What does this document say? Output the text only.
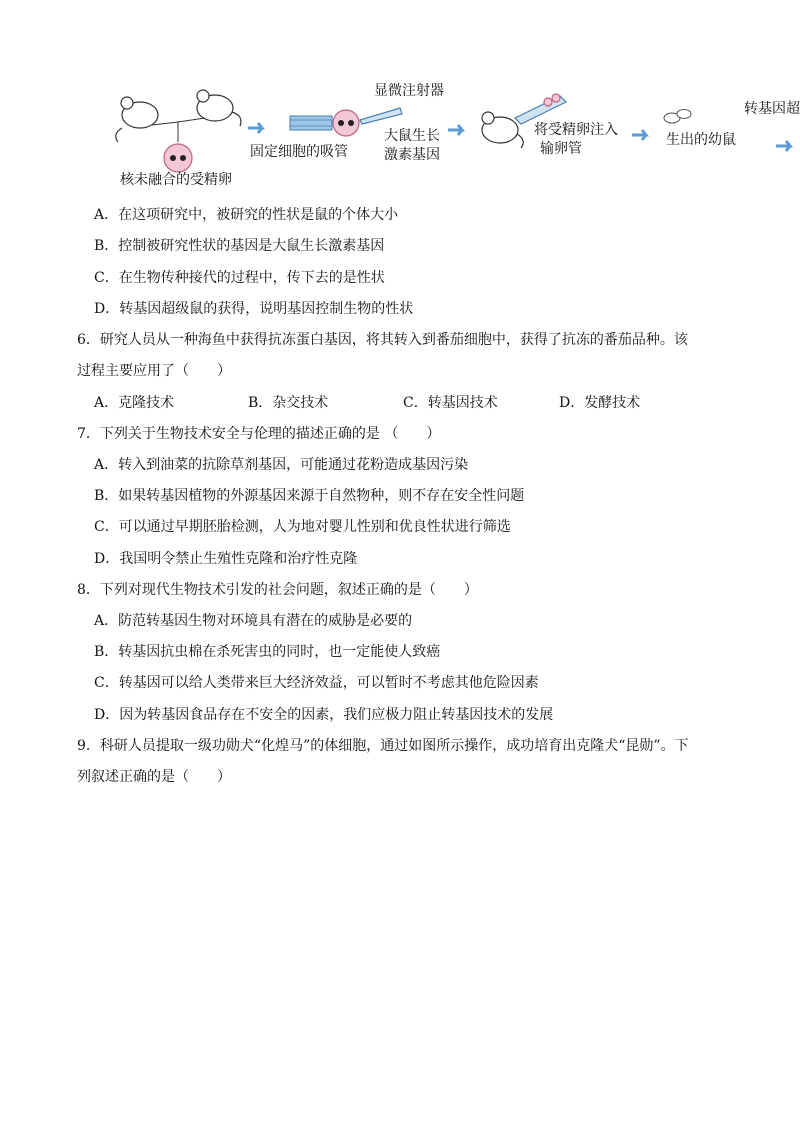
显微注射器
转基因超
大鼠生长
激素基因
将受精卵注入
输卵管
固定细胞的吸管
生出的幼鼠
核未融合的受精卵
A．在这项研究中，被研究的性状是鼠的个体大小
B．控制被研究性状的基因是大鼠生长激素基因
C．在生物传种接代的过程中，传下去的是性状
D．转基因超级鼠的获得，说明基因控制生物的性状
6．研究人员从一种海鱼中获得抗冻蛋白基因，将其转入到番茄细胞中，获得了抗冻的番茄品种。该
过程主要应用了（　　）
A．克隆技术	B．杂交技术	C．转基因技术	D．发酵技术
7．下列关于生物技术安全与伦理的描述正确的是 （　　）
A．转入到油菜的抗除草剂基因，可能通过花粉造成基因污染
B．如果转基因植物的外源基因来源于自然物种，则不存在安全性问题
C．可以通过早期胚胎检测，人为地对婴儿性别和优良性状进行筛选
D．我国明令禁止生殖性克隆和治疗性克隆
8．下列对现代生物技术引发的社会问题，叙述正确的是（　　）
A．防范转基因生物对环境具有潜在的威胁是必要的
B．转基因抗虫棉在杀死害虫的同时，也一定能使人致癌
C．转基因可以给人类带来巨大经济效益，可以暂时不考虑其他危险因素
D．因为转基因食品存在不安全的因素，我们应极力阻止转基因技术的发展
9．科研人员提取一级功勋犬“化煌马”的体细胞，通过如图所示操作，成功培育出克隆犬“昆勋”。下
列叙述正确的是（　　）
